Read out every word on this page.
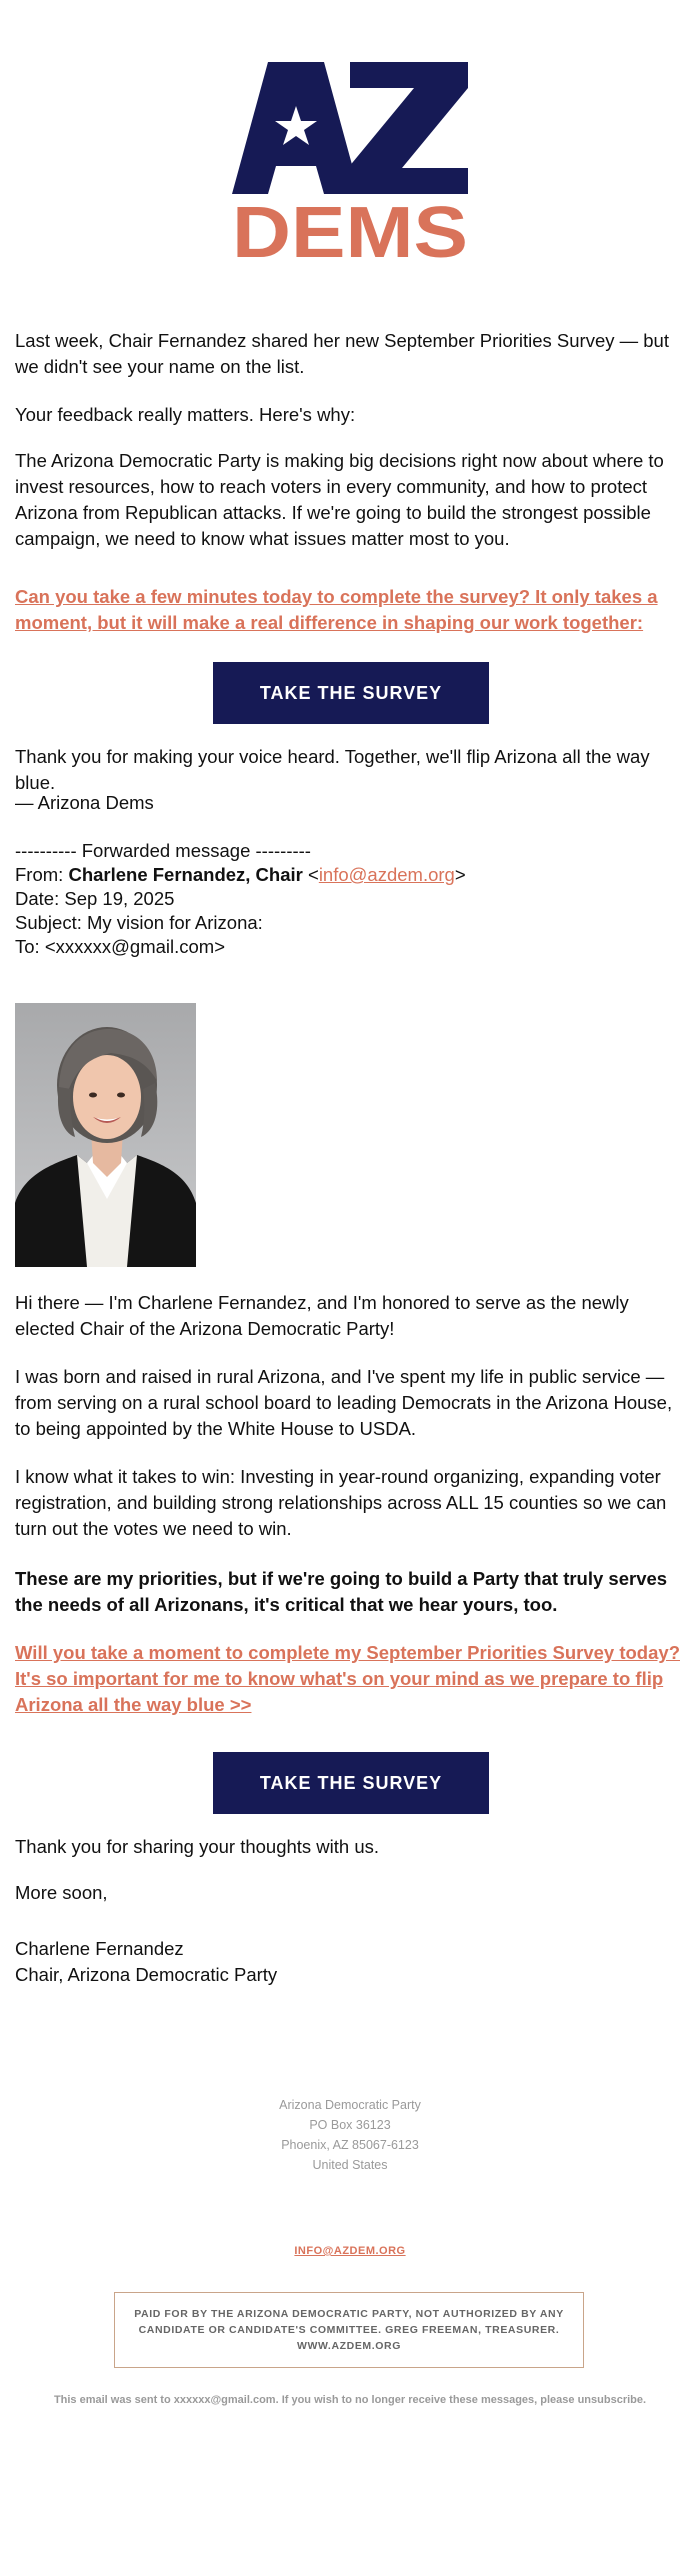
DEMS

Last week, Chair Fernandez shared her new September Priorities Survey — but we didn't see your name on the list.

Your feedback really matters. Here's why:

The Arizona Democratic Party is making big decisions right now about where to invest resources, how to reach voters in every community, and how to protect Arizona from Republican attacks. If we're going to build the strongest possible campaign, we need to know what issues matter most to you.

Can you take a few minutes today to complete the survey? It only takes a moment, but it will make a real difference in shaping our work together:

TAKE THE SURVEY

Thank you for making your voice heard. Together, we'll flip Arizona all the way blue.

— Arizona Dems

---------- Forwarded message ---------

From: Charlene Fernandez, Chair <info@azdem.org>

Date: Sep 19, 2025

Subject: My vision for Arizona:

To: <xxxxxx@gmail.com>

Hi there — I'm Charlene Fernandez, and I'm honored to serve as the newly elected Chair of the Arizona Democratic Party!

I was born and raised in rural Arizona, and I've spent my life in public service — from serving on a rural school board to leading Democrats in the Arizona House, to being appointed by the White House to USDA.

I know what it takes to win: Investing in year-round organizing, expanding voter registration, and building strong relationships across ALL 15 counties so we can turn out the votes we need to win.

These are my priorities, but if we're going to build a Party that truly serves the needs of all Arizonans, it's critical that we hear yours, too.

Will you take a moment to complete my September Priorities Survey today? It's so important for me to know what's on your mind as we prepare to flip Arizona all the way blue >>

TAKE THE SURVEY

Thank you for sharing your thoughts with us.

More soon,

Charlene Fernandez

Chair, Arizona Democratic Party

Arizona Democratic Party
PO Box 36123
Phoenix, AZ 85067-6123
United States
INFO@AZDEM.ORG
PAID FOR BY THE ARIZONA DEMOCRATIC PARTY, NOT AUTHORIZED BY ANY CANDIDATE OR CANDIDATE'S COMMITTEE. GREG FREEMAN, TREASURER. WWW.AZDEM.ORG
This email was sent to xxxxxx@gmail.com. If you wish to no longer receive these messages, please unsubscribe.
